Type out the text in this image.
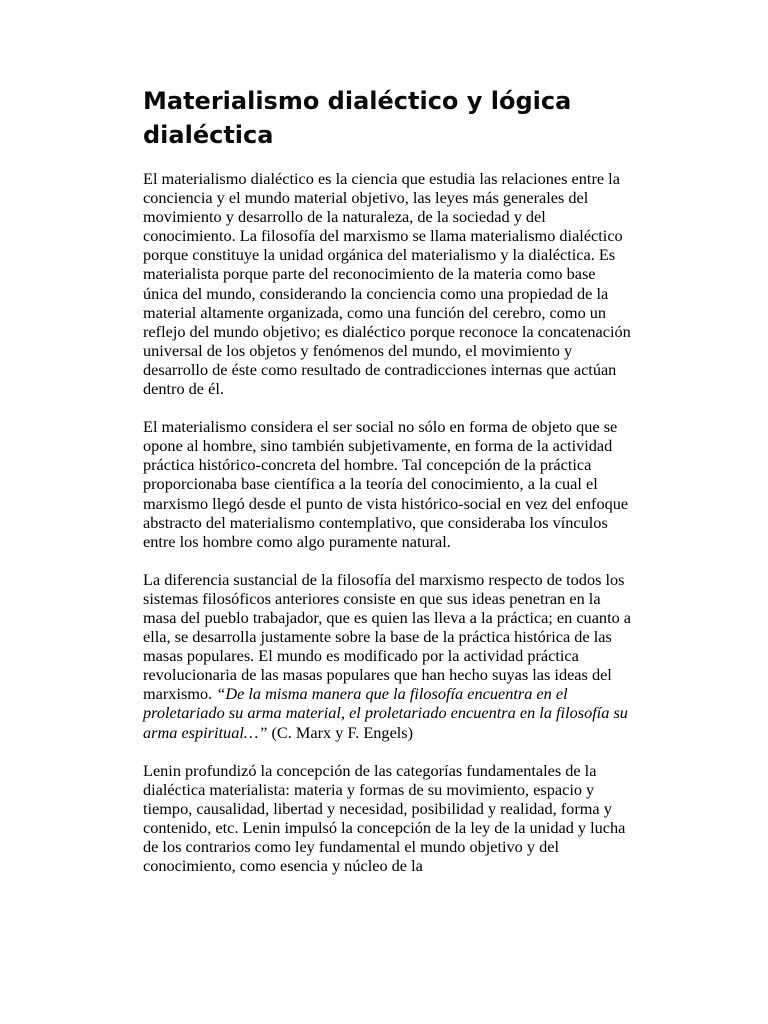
Materialismo dialéctico y lógica dialéctica

El materialismo dialéctico es la ciencia que estudia las relaciones entre la conciencia y el mundo material objetivo, las leyes más generales del movimiento y desarrollo de la naturaleza, de la sociedad y del conocimiento. La filosofía del marxismo se llama materialismo dialéctico porque constituye la unidad orgánica del materialismo y la dialéctica. Es materialista porque parte del reconocimiento de la materia como base única del mundo, considerando la conciencia como una propiedad de la material altamente organizada, como una función del cerebro, como un reflejo del mundo objetivo; es dialéctico porque reconoce la concatenación universal de los objetos y fenómenos del mundo, el movimiento y desarrollo de éste como resultado de contradicciones internas que actúan dentro de él.

El materialismo considera el ser social no sólo en forma de objeto que se opone al hombre, sino también subjetivamente, en forma de la actividad práctica histórico-concreta del hombre. Tal concepción de la práctica proporcionaba base científica a la teoría del conocimiento, a la cual el marxismo llegó desde el punto de vista histórico-social en vez del enfoque abstracto del materialismo contemplativo, que consideraba los vínculos entre los hombre como algo puramente natural.

La diferencia sustancial de la filosofía del marxismo respecto de todos los sistemas filosóficos anteriores consiste en que sus ideas penetran en la masa del pueblo trabajador, que es quien las lleva a la práctica; en cuanto a ella, se desarrolla justamente sobre la base de la práctica histórica de las masas populares. El mundo es modificado por la actividad práctica revolucionaria de las masas populares que han hecho suyas las ideas del marxismo. “De la misma manera que la filosofía encuentra en el proletariado su arma material, el proletariado encuentra en la filosofía su arma espiritual…” (C. Marx y F. Engels)

Lenin profundizó la concepción de las categorías fundamentales de la dialéctica materialista: materia y formas de su movimiento, espacio y tiempo, causalidad, libertad y necesidad, posibilidad y realidad, forma y contenido, etc. Lenin impulsó la concepción de la ley de la unidad y lucha de los contrarios como ley fundamental el mundo objetivo y del conocimiento, como esencia y núcleo de la
